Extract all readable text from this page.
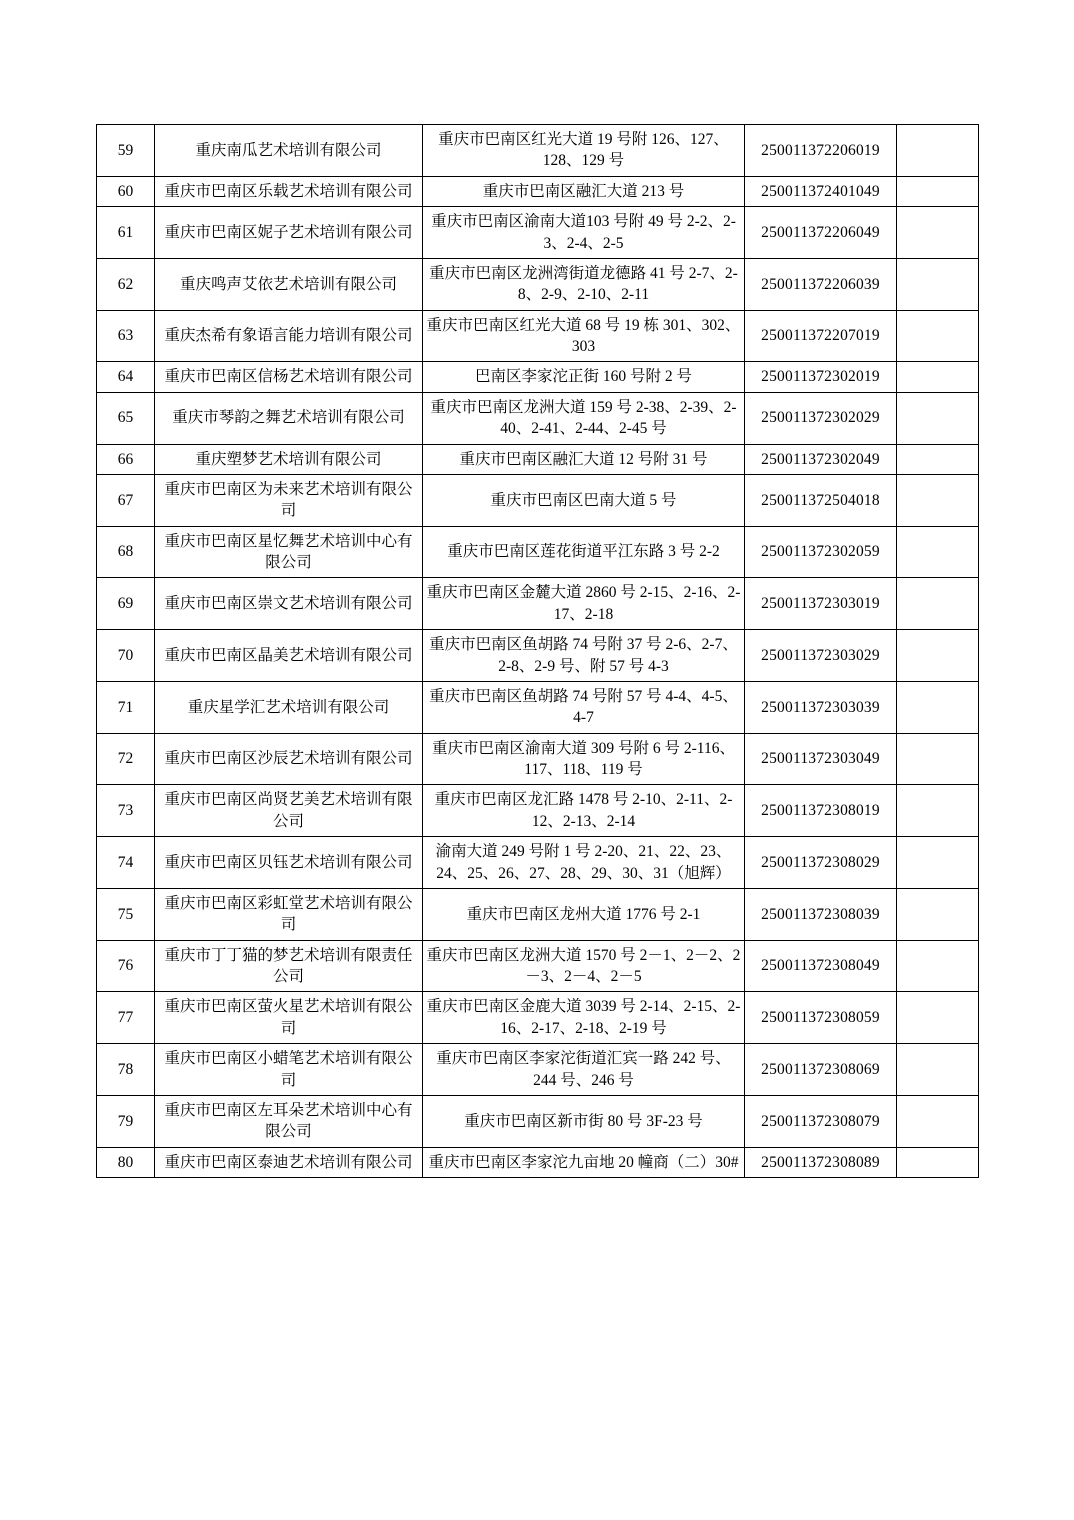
59	重庆南瓜艺术培训有限公司	重庆市巴南区红光大道 19 号附 126、127、128、129 号	250011372206019	
60	重庆市巴南区乐载艺术培训有限公司	重庆市巴南区融汇大道 213 号	250011372401049	
61	重庆市巴南区妮子艺术培训有限公司	重庆市巴南区渝南大道103 号附 49 号 2-2、2-3、2-4、2-5	250011372206049	
62	重庆鸣声艾依艺术培训有限公司	重庆市巴南区龙洲湾街道龙德路 41 号 2-7、2-8、2-9、2-10、2-11	250011372206039	
63	重庆杰希有象语言能力培训有限公司	重庆市巴南区红光大道 68 号 19 栋 301、302、303	250011372207019	
64	重庆市巴南区信杨艺术培训有限公司	巴南区李家沱正街 160 号附 2 号	250011372302019	
65	重庆市琴韵之舞艺术培训有限公司	重庆市巴南区龙洲大道 159 号 2-38、2-39、2-40、2-41、2-44、2-45 号	250011372302029	
66	重庆塑梦艺术培训有限公司	重庆市巴南区融汇大道 12 号附 31 号	250011372302049	
67	重庆市巴南区为未来艺术培训有限公司	重庆市巴南区巴南大道 5 号	250011372504018	
68	重庆市巴南区星忆舞艺术培训中心有限公司	重庆市巴南区莲花街道平江东路 3 号 2-2	250011372302059	
69	重庆市巴南区崇文艺术培训有限公司	重庆市巴南区金麓大道 2860 号 2-15、2-16、2-17、2-18	250011372303019	
70	重庆市巴南区晶美艺术培训有限公司	重庆市巴南区鱼胡路 74 号附 37 号 2-6、2-7、2-8、2-9 号、附 57 号 4-3	250011372303029	
71	重庆星学汇艺术培训有限公司	重庆市巴南区鱼胡路 74 号附 57 号 4-4、4-5、4-7	250011372303039	
72	重庆市巴南区沙辰艺术培训有限公司	重庆市巴南区渝南大道 309 号附 6 号 2-116、117、118、119 号	250011372303049	
73	重庆市巴南区尚贤艺美艺术培训有限公司	重庆市巴南区龙汇路 1478 号 2-10、2-11、2-12、2-13、2-14	250011372308019	
74	重庆市巴南区贝钰艺术培训有限公司	渝南大道 249 号附 1 号 2-20、21、22、23、24、25、26、27、28、29、30、31（旭辉）	250011372308029	
75	重庆市巴南区彩虹堂艺术培训有限公司	重庆市巴南区龙州大道 1776 号 2-1	250011372308039	
76	重庆市丁丁猫的梦艺术培训有限责任公司	重庆市巴南区龙洲大道 1570 号 2－1、2－2、2－3、2－4、2－5	250011372308049	
77	重庆市巴南区萤火星艺术培训有限公司	重庆市巴南区金鹿大道 3039 号 2-14、2-15、2-16、2-17、2-18、2-19 号	250011372308059	
78	重庆市巴南区小蜡笔艺术培训有限公司	重庆市巴南区李家沱街道汇宾一路 242 号、244 号、246 号	250011372308069	
79	重庆市巴南区左耳朵艺术培训中心有限公司	重庆市巴南区新市街 80 号 3F-23 号	250011372308079	
80	重庆市巴南区泰迪艺术培训有限公司	重庆市巴南区李家沱九亩地 20 幢商（二）30#	250011372308089	
